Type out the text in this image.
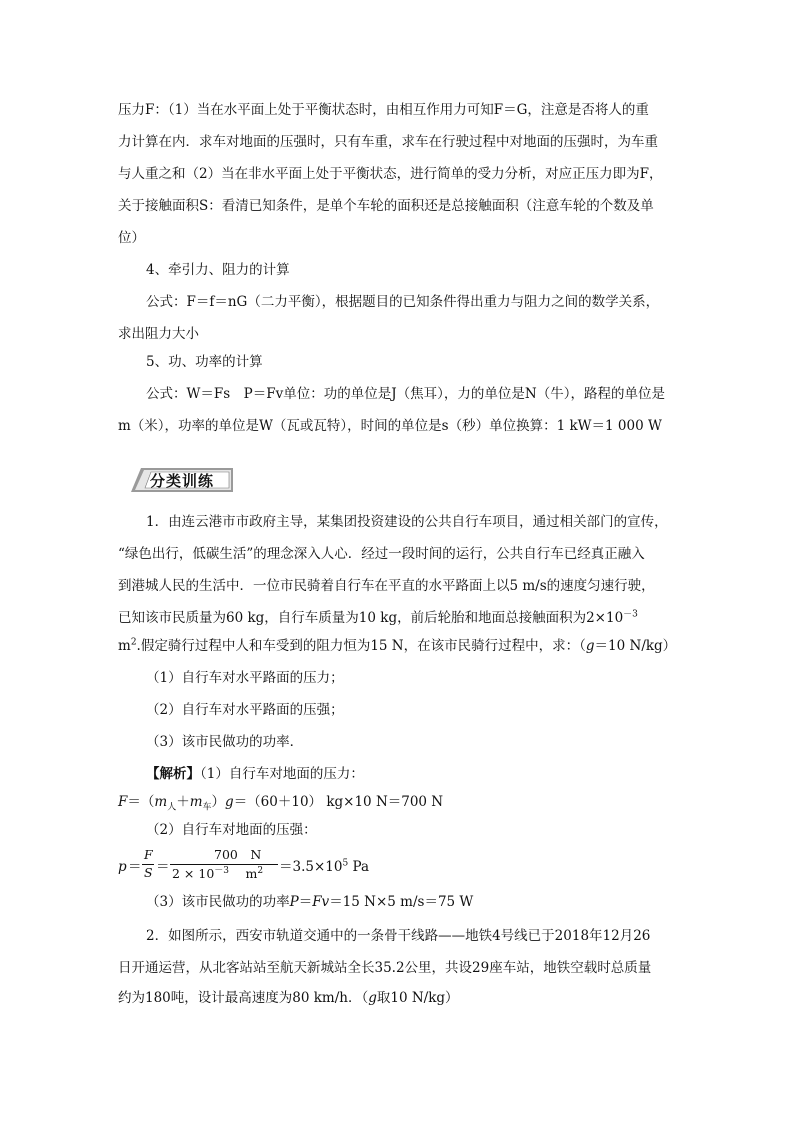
压力F：（1）当在水平面上处于平衡状态时，由相互作用力可知F＝G，注意是否将人的重
力计算在内．求车对地面的压强时，只有车重，求车在行驶过程中对地面的压强时，为车重
与人重之和（2）当在非水平面上处于平衡状态，进行简单的受力分析，对应正压力即为F，
关于接触面积S：看清已知条件，是单个车轮的面积还是总接触面积（注意车轮的个数及单
位）
4、牵引力、阻力的计算
公式：F＝f＝nG（二力平衡），根据题目的已知条件得出重力与阻力之间的数学关系，
求出阻力大小
5、功、功率的计算
公式：W＝Fs　P＝Fv单位：功的单位是J（焦耳），力的单位是N（牛），路程的单位是
m（米），功率的单位是W（瓦或瓦特），时间的单位是s（秒）单位换算：1 kW＝1 000 W
分类训练
1．由连云港市市政府主导，某集团投资建设的公共自行车项目，通过相关部门的宣传，
“绿色出行，低碳生活”的理念深入人心．经过一段时间的运行，公共自行车已经真正融入
到港城人民的生活中．一位市民骑着自行车在平直的水平路面上以5 m/s的速度匀速行驶，
已知该市民质量为60 kg，自行车质量为10 kg，前后轮胎和地面总接触面积为$2\times 10^{-3}$
$m^2$.假定骑行过程中人和车受到的阻力恒为15 N，在该市民骑行过程中，求：（g＝10 N/kg）
（1）自行车对水平路面的压力；
（2）自行车对水平路面的压强；
（3）该市民做功的功率．
【解析】（1）自行车对地面的压力：
$F=(m_人+m_车)g=(60+10)$ kg×10 N＝700 N
（2）自行车对地面的压强：
p ＝
F
S ＝
700　N
$2 \times 10^{-3}$　 $m^2 =3.5\times 10^5$ Pa
（3）该市民做功的功率P＝Fv＝15 N×5 m/s＝75 W
2．如图所示，西安市轨道交通中的一条骨干线路——地铁4号线已于2018年12月26
日开通运营，从北客站站至航天新城站全长35.2公里，共设29座车站，地铁空载时总质量
约为180吨，设计最高速度为80 km/h．（g取10 N/kg）
